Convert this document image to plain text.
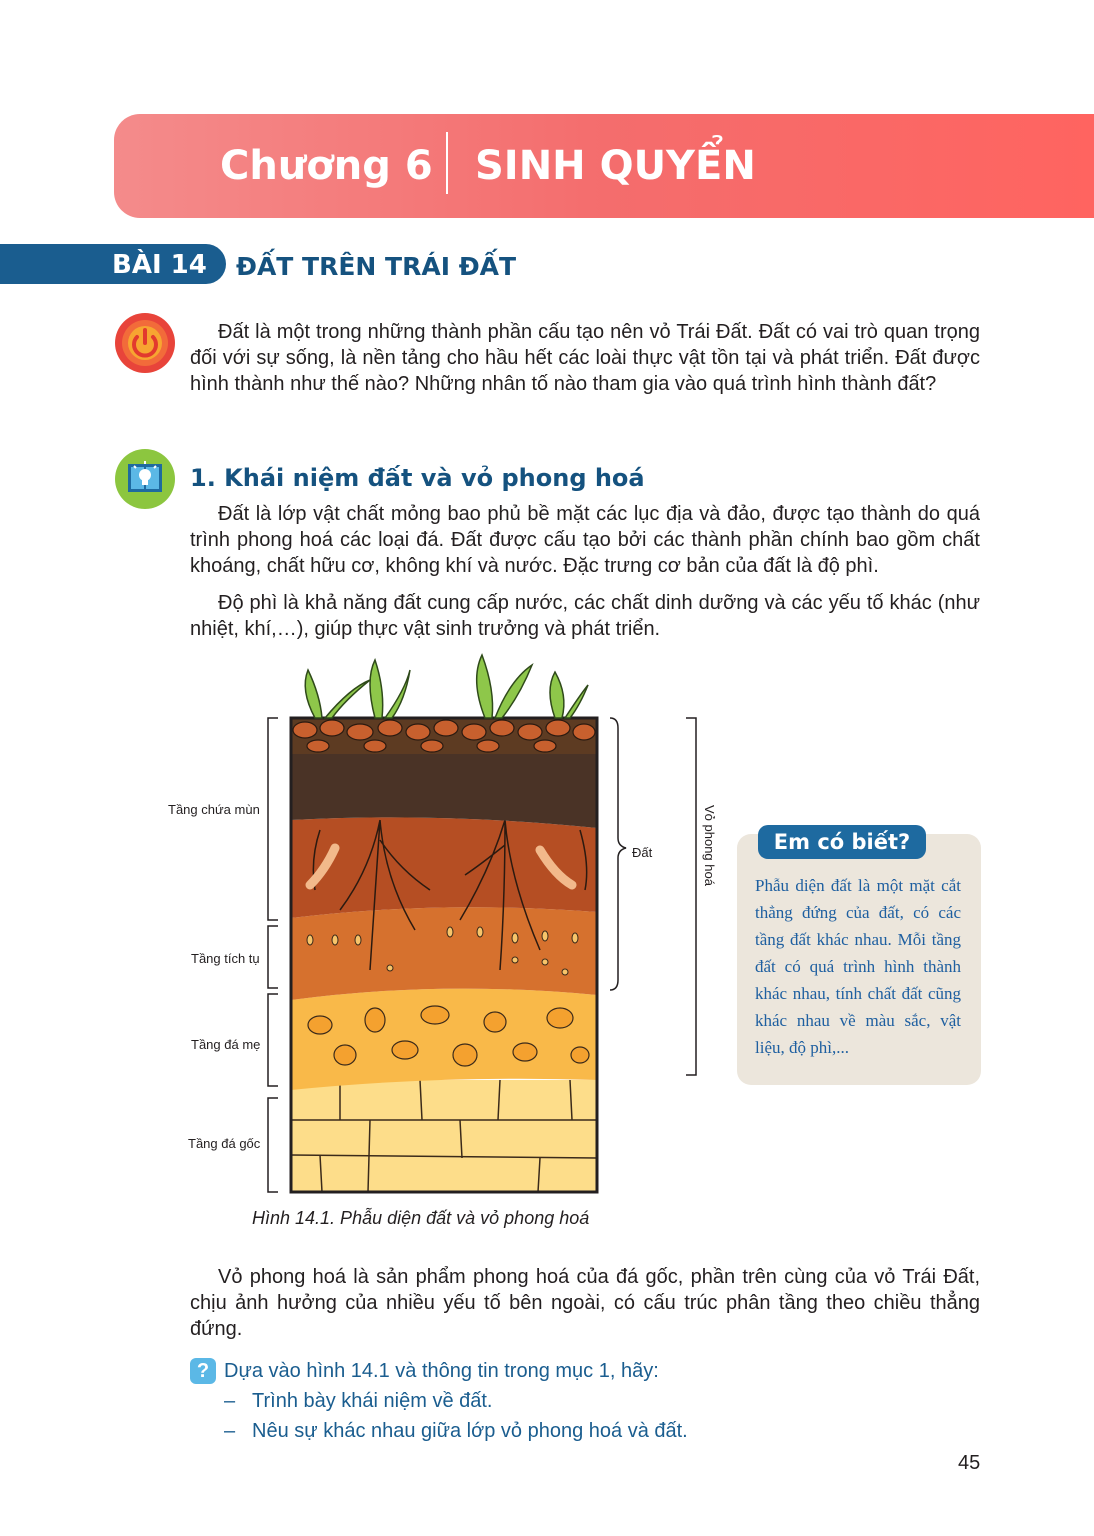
Chương 6 SINH QUYỂN
BÀI 14 ĐẤT TRÊN TRÁI ĐẤT

Đất là một trong những thành phần cấu tạo nên vỏ Trái Đất. Đất có vai trò quan trọng đối với sự sống, là nền tảng cho hầu hết các loài thực vật tồn tại và phát triển. Đất được hình thành như thế nào? Những nhân tố nào tham gia vào quá trình hình thành đất?

1. Khái niệm đất và vỏ phong hoá

Đất là lớp vật chất mỏng bao phủ bề mặt các lục địa và đảo, được tạo thành do quá trình phong hoá các loại đá. Đất được cấu tạo bởi các thành phần chính bao gồm chất khoáng, chất hữu cơ, không khí và nước. Đặc trưng cơ bản của đất là độ phì.

Độ phì là khả năng đất cung cấp nước, các chất dinh dưỡng và các yếu tố khác (như nhiệt, khí,…), giúp thực vật sinh trưởng và phát triển.

Tầng chứa mùn
Tầng tích tụ
Tầng đá mẹ
Tầng đá gốc
Đất	Vỏ phong hoá
Hình 14.1. Phẫu diện đất và vỏ phong hoá
Em có biết?

Phẫu diện đất là một mặt cắt thẳng đứng của đất, có các tầng đất khác nhau. Mỗi tầng đất có quá trình hình thành khác nhau, tính chất đất cũng khác nhau về màu sắc, vật liệu, độ phì,...

Vỏ phong hoá là sản phẩm phong hoá của đá gốc, phần trên cùng của vỏ Trái Đất, chịu ảnh hưởng của nhiều yếu tố bên ngoài, có cấu trúc phân tầng theo chiều thẳng đứng.

? Dựa vào hình 14.1 và thông tin trong mục 1, hãy:
– Trình bày khái niệm về đất.
– Nêu sự khác nhau giữa lớp vỏ phong hoá và đất.
45
